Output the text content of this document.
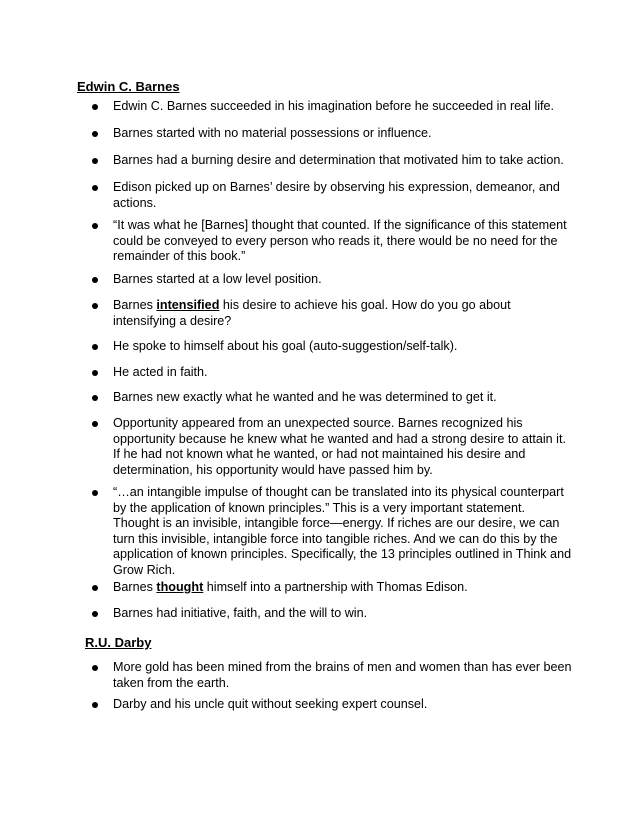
Edwin C. Barnes
Edwin C. Barnes succeeded in his imagination before he succeeded in real life.
Barnes started with no material possessions or influence.
Barnes had a burning desire and determination that motivated him to take action.
Edison picked up on Barnes’ desire by observing his expression, demeanor, and actions.
“It was what he [Barnes] thought that counted. If the significance of this statement could be conveyed to every person who reads it, there would be no need for the remainder of this book.”
Barnes started at a low level position.
Barnes intensified his desire to achieve his goal. How do you go about intensifying a desire?
He spoke to himself about his goal (auto-suggestion/self-talk).
He acted in faith.
Barnes new exactly what he wanted and he was determined to get it.
Opportunity appeared from an unexpected source. Barnes recognized his opportunity because he knew what he wanted and had a strong desire to attain it. If he had not known what he wanted, or had not maintained his desire and determination, his opportunity would have passed him by.
“…an intangible impulse of thought can be translated into its physical counterpart by the application of known principles.” This is a very important statement. Thought is an invisible, intangible force—energy. If riches are our desire, we can turn this invisible, intangible force into tangible riches. And we can do this by the application of known principles. Specifically, the 13 principles outlined in Think and Grow Rich.
Barnes thought himself into a partnership with Thomas Edison.
Barnes had initiative, faith, and the will to win.
R.U. Darby
More gold has been mined from the brains of men and women than has ever been taken from the earth.
Darby and his uncle quit without seeking expert counsel.
